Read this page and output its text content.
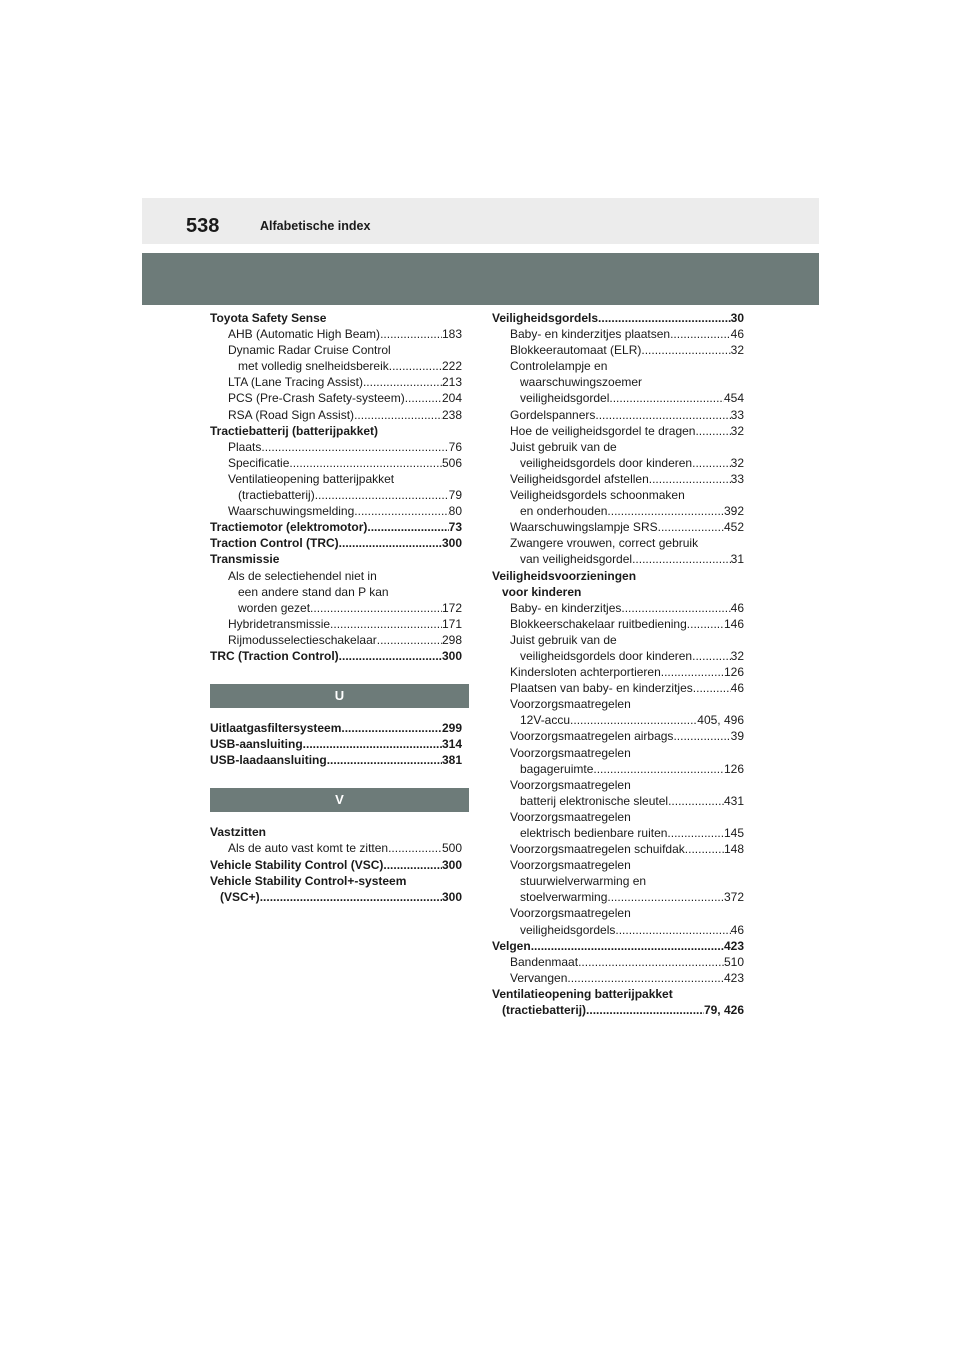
538	Alfabetische index
Toyota Safety Sense
AHB (Automatic High Beam) .....	183
Dynamic Radar Cruise Control
met volledig snelheidsbereik .....	222
LTA (Lane Tracing Assist) .....	213
PCS (Pre-Crash Safety-systeem) .....	204
RSA (Road Sign Assist) .....	238
Tractiebatterij (batterijpakket)
Plaats .....	76
Specificatie .....	506
Ventilatieopening batterijpakket
(tractiebatterij) .....	79
Waarschuwingsmelding .....	80
Tractiemotor (elektromotor) .....	73
Traction Control (TRC) .....	300
Transmissie
Als de selectiehendel niet in
een andere stand dan P kan
worden gezet .....	172
Hybridetransmissie .....	171
Rijmodusselectieschakelaar .....	298
TRC (Traction Control) .....	300
U
Uitlaatgasfiltersysteem .....	299
USB-aansluiting .....	314
USB-laadaansluiting .....	381
V
Vastzitten
Als de auto vast komt te zitten .....	500
Vehicle Stability Control (VSC) .....	300
Vehicle Stability Control+-systeem
(VSC+) .....	300
Veiligheidsgordels .....	30
Baby- en kinderzitjes plaatsen .....	46
Blokkeerautomaat (ELR) .....	32
Controlelampje en
waarschuwingszoemer
veiligheidsgordel .....	454
Gordelspanners .....	33
Hoe de veiligheidsgordel te dragen .....	32
Juist gebruik van de
veiligheidsgordels door kinderen .....	32
Veiligheidsgordel afstellen .....	33
Veiligheidsgordels schoonmaken
en onderhouden .....	392
Waarschuwingslampje SRS .....	452
Zwangere vrouwen, correct gebruik
van veiligheidsgordel .....	31
Veiligheidsvoorzieningen
voor kinderen
Baby- en kinderzitjes .....	46
Blokkeerschakelaar ruitbediening .....	146
Juist gebruik van de
veiligheidsgordels door kinderen .....	32
Kindersloten achterportieren .....	126
Plaatsen van baby- en kinderzitjes .....	46
Voorzorgsmaatregelen
12V-accu .....	405, 496
Voorzorgsmaatregelen airbags .....	39
Voorzorgsmaatregelen
bagageruimte .....	126
Voorzorgsmaatregelen
batterij elektronische sleutel .....	431
Voorzorgsmaatregelen
elektrisch bedienbare ruiten .....	145
Voorzorgsmaatregelen schuifdak .....	148
Voorzorgsmaatregelen
stuurwielverwarming en
stoelverwarming .....	372
Voorzorgsmaatregelen
veiligheidsgordels .....	46
Velgen .....	423
Bandenmaat .....	510
Vervangen .....	423
Ventilatieopening batterijpakket
(tractiebatterij) .....	79, 426
